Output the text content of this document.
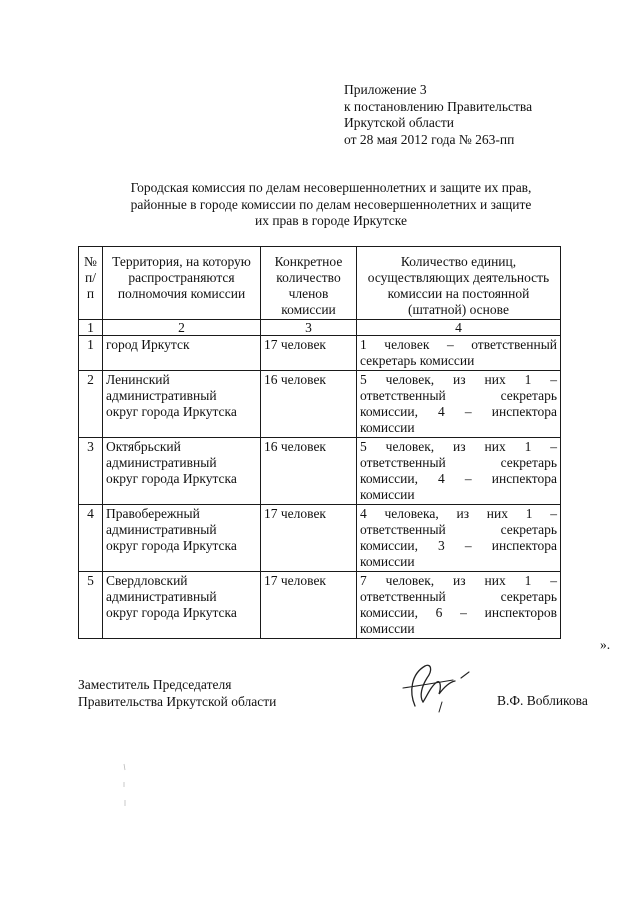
Приложение 3
к постановлению Правительства
Иркутской области
от 28 мая 2012 года № 263-пп
Городская комиссия по делам несовершеннолетних и защите их прав,
районные в городе комиссии по делам несовершеннолетних и защите
их прав в городе Иркутске
№ п/п	Территория, на которую распространяются полномочия комиссии	Конкретное количество членов комиссии	Количество единиц, осуществляющих деятельность комиссии на постоянной (штатной) основе
1	2	3	4
1	город Иркутск	17 человек	1 человек – ответственный секретарь комиссии
2	Ленинский
административный
округ города Иркутска	16 человек	5 человек, из них 1 – ответственный секретарь комиссии, 4 – инспектора комиссии
3	Октябрьский
административный
округ города Иркутска	16 человек	5 человек, из них 1 – ответственный секретарь комиссии, 4 – инспектора комиссии
4	Правобережный
административный
округ города Иркутска	17 человек	4 человека, из них 1 – ответственный секретарь комиссии, 3 – инспектора комиссии
5	Свердловский
административный
округ города Иркутска	17 человек	7 человек, из них 1 – ответственный секретарь комиссии, 6 – инспекторов комиссии
».
Заместитель Председателя
Правительства Иркутской области	В.Ф. Вобликова
